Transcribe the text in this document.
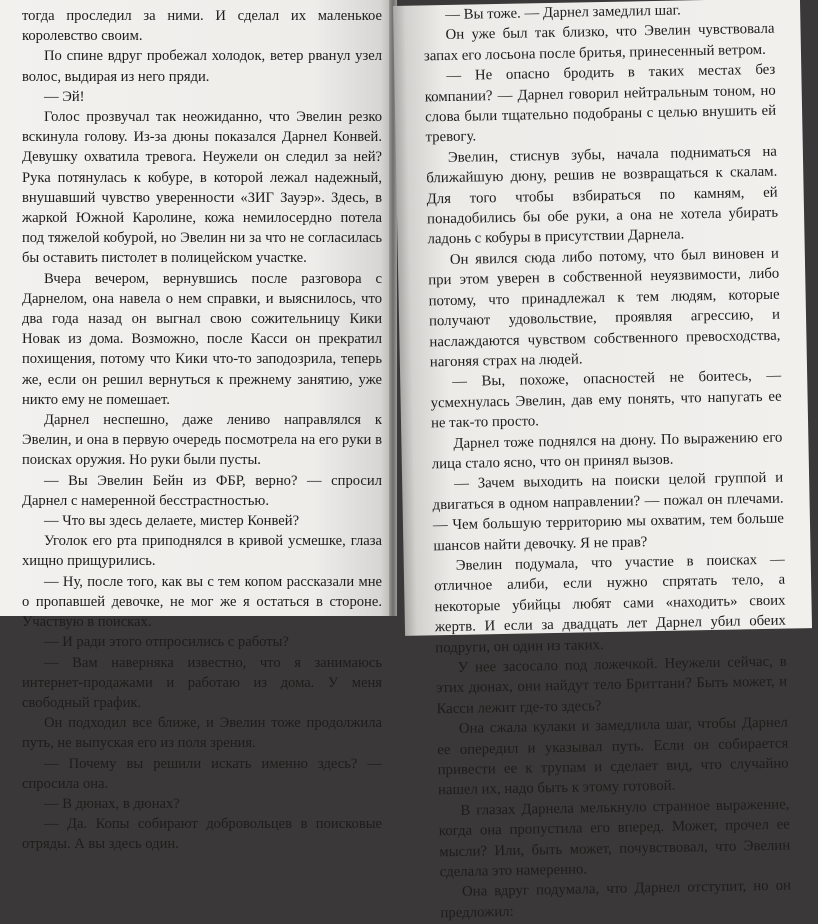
тогда проследил за ними. И сделал их маленькое королевство своим.

По спине вдруг пробежал холодок, ветер рванул узел волос, выдирая из него пряди.

— Эй!

Голос прозвучал так неожиданно, что Эвелин резко вскинула голову. Из-за дюны показался Дарнел Конвей. Девушку охватила тревога. Неужели он следил за ней? Рука потянулась к кобуре, в которой лежал надежный, внушавший чувство уверенности «ЗИГ Зауэр». Здесь, в жаркой Южной Каролине, кожа немилосердно потела под тяжелой кобурой, но Эвелин ни за что не согласилась бы оставить пистолет в полицейском участке.

Вчера вечером, вернувшись после разговора с Дарнелом, она навела о нем справки, и выяснилось, что два года назад он выгнал свою сожительницу Кики Новак из дома. Возможно, после Касси он прекратил похищения, потому что Кики что-то заподозрила, теперь же, если он решил вернуться к прежнему занятию, уже никто ему не помешает.

Дарнел неспешно, даже лениво направлялся к Эвелин, и она в первую очередь посмотрела на его руки в поисках оружия. Но руки были пусты.

— Вы Эвелин Бейн из ФБР, верно? — спросил Дарнел с намеренной бесстрастностью.

— Что вы здесь делаете, мистер Конвей?

Уголок его рта приподнялся в кривой усмешке, глаза хищно прищурились.

— Ну, после того, как вы с тем копом рассказали мне о пропавшей девочке, не мог же я остаться в стороне. Участвую в поисках.

— И ради этого отпросились с работы?

— Вам наверняка известно, что я занимаюсь интернет-продажами и работаю из дома. У меня свободный график.

Он подходил все ближе, и Эвелин тоже продолжила путь, не выпуская его из поля зрения.

— Почему вы решили искать именно здесь? — спросила она.

— В дюнах, в дюнах?

— Да. Копы собирают добровольцев в поисковые отряды. А вы здесь один.

— Вы тоже. — Дарнел замедлил шаг.

Он уже был так близко, что Эвелин чувствовала запах его лосьона после бритья, принесенный ветром.

— Не опасно бродить в таких местах без компании? — Дарнел говорил нейтральным тоном, но слова были тщательно подобраны с целью внушить ей тревогу.

Эвелин, стиснув зубы, начала подниматься на ближайшую дюну, решив не возвращаться к скалам. Для того чтобы взбираться по камням, ей понадобились бы обе руки, а она не хотела убирать ладонь с кобуры в присутствии Дарнела.

Он явился сюда либо потому, что был виновен и при этом уверен в собственной неуязвимости, либо потому, что принадлежал к тем людям, которые получают удовольствие, проявляя агрессию, и наслаждаются чувством собственного превосходства, нагоняя страх на людей.

— Вы, похоже, опасностей не боитесь, — усмехнулась Эвелин, дав ему понять, что напугать ее не так-то просто.

Дарнел тоже поднялся на дюну. По выражению его лица стало ясно, что он принял вызов.

— Зачем выходить на поиски целой группой и двигаться в одном направлении? — пожал он плечами. — Чем большую территорию мы охватим, тем больше шансов найти девочку. Я не прав?

Эвелин подумала, что участие в поисках — отличное алиби, если нужно спрятать тело, а некоторые убийцы любят сами «находить» своих жертв. И если за двадцать лет Дарнел убил обеих подруги, он один из таких.

У нее засосало под ложечкой. Неужели сейчас, в этих дюнах, они найдут тело Бриттани? Быть может, и Касси лежит где-то здесь?

Она сжала кулаки и замедлила шаг, чтобы Дарнел ее опередил и указывал путь. Если он собирается привести ее к трупам и сделает вид, что случайно нашел их, надо быть к этому готовой.

В глазах Дарнела мелькнуло странное выражение, когда она пропустила его вперед. Может, прочел ее мысли? Или, быть может, почувствовал, что Эвелин сделала это намеренно.

Она вдруг подумала, что Дарнел отступит, но он предложил:
